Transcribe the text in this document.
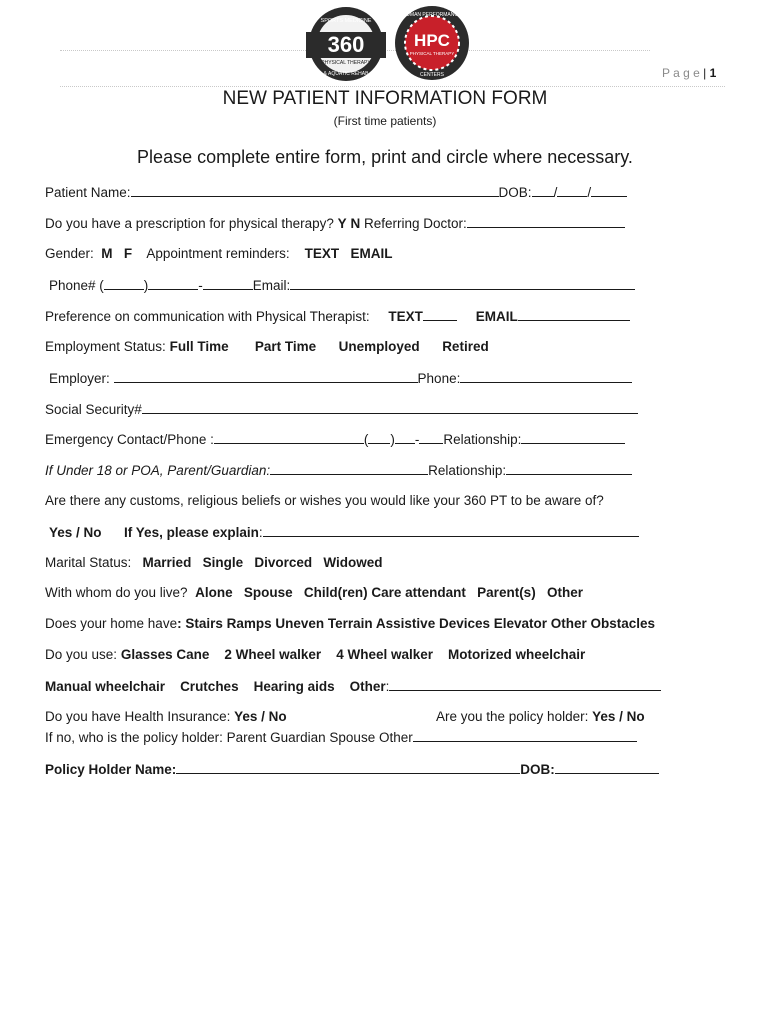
360
SPORTS MEDICINE
PHYSICAL THERAPY
& AQUATIC REHAB
HPC
HUMAN PERFORMANCE
PHYSICAL THERAPY
CENTERS	P a g e | 1
NEW PATIENT INFORMATION FORM
(First time patients)
Please complete entire form, print and circle where necessary.
Patient Name:	DOB: / /
Do you have a prescription for physical therapy? Y N Referring Doctor:
Gender: M F Appointment reminders: TEXT EMAIL
Phone# (	)	-	Email:
Preference on communication with Physical Therapist: TEXT	EMAIL
Employment Status: Full Time Part Time Unemployed Retired
Employer:	Phone:
Social Security#
Emergency Contact/Phone :	( ) - Relationship:
If Under 18 or POA, Parent/Guardian:	Relationship:
Are there any customs, religious beliefs or wishes you would like your 360 PT to be aware of?
Yes / No If Yes, please explain:
Marital Status: Married Single Divorced Widowed
With whom do you live? Alone Spouse Child(ren) Care attendant Parent(s) Other
Does your home have: Stairs Ramps Uneven Terrain Assistive Devices Elevator Other Obstacles
Do you use: Glasses Cane 2 Wheel walker 4 Wheel walker Motorized wheelchair
Manual wheelchair Crutches Hearing aids Other:
Do you have Health Insurance: Yes / No	Are you the policy holder: Yes / No
If no, who is the policy holder: Parent Guardian Spouse Other
Policy Holder Name:	DOB:
